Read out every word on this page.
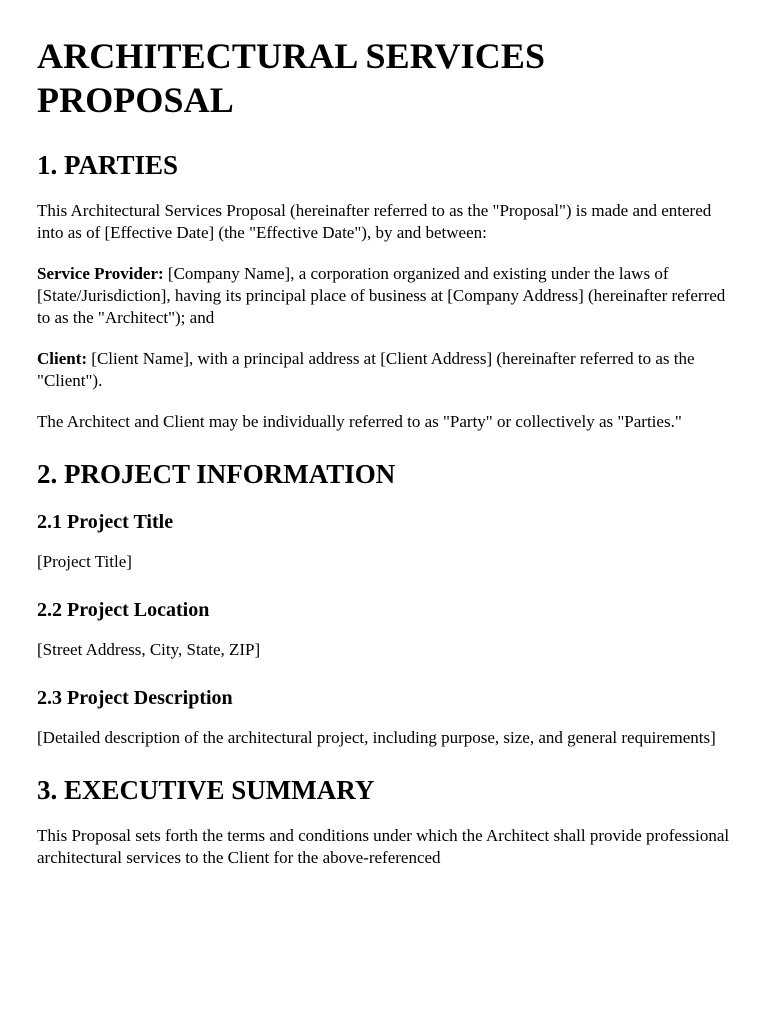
ARCHITECTURAL SERVICES PROPOSAL
1. PARTIES

This Architectural Services Proposal (hereinafter referred to as the "Proposal") is made and entered into as of [Effective Date] (the "Effective Date"), by and between:

Service Provider: [Company Name], a corporation organized and existing under the laws of [State/Jurisdiction], having its principal place of business at [Company Address] (hereinafter referred to as the "Architect"); and

Client: [Client Name], with a principal address at [Client Address] (hereinafter referred to as the "Client").

The Architect and Client may be individually referred to as "Party" or collectively as "Parties."

2. PROJECT INFORMATION
2.1 Project Title

[Project Title]

2.2 Project Location

[Street Address, City, State, ZIP]

2.3 Project Description

[Detailed description of the architectural project, including purpose, size, and general requirements]

3. EXECUTIVE SUMMARY

This Proposal sets forth the terms and conditions under which the Architect shall provide professional architectural services to the Client for the above-referenced
